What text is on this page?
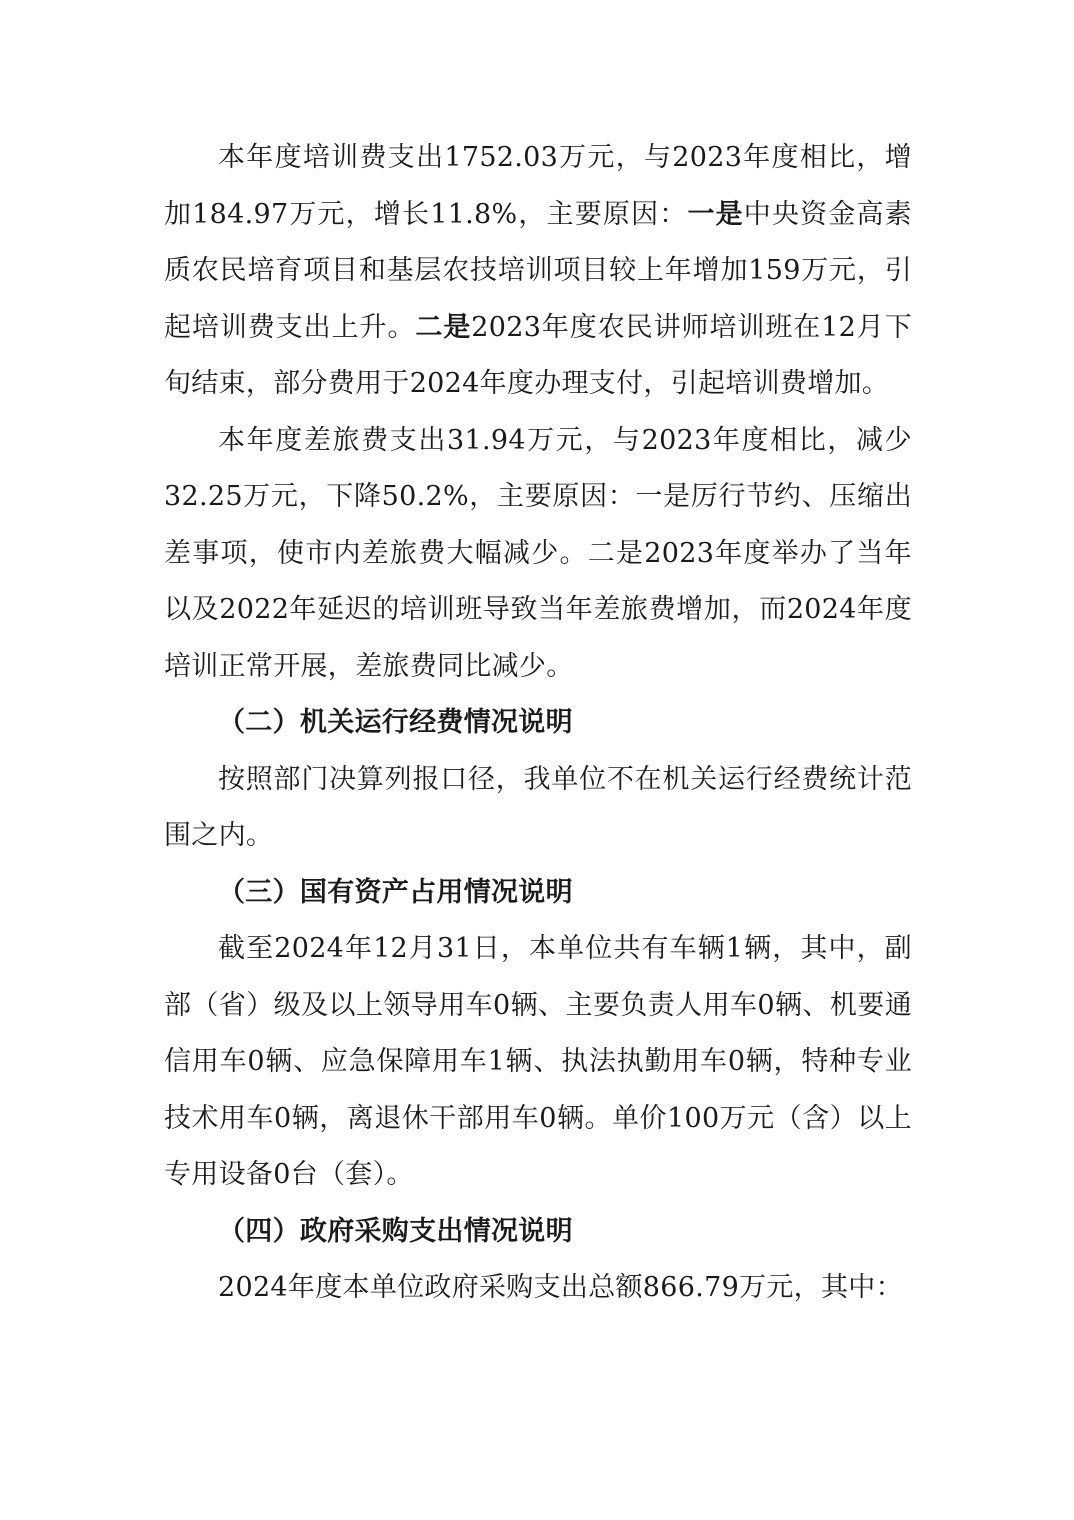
本年度培训费支出1752.03万元，与2023年度相比，增加184.97万元，增长11.8%，主要原因：一是中央资金高素质农民培育项目和基层农技培训项目较上年增加159万元，引起培训费支出上升。二是2023年度农民讲师培训班在12月下旬结束，部分费用于2024年度办理支付，引起培训费增加。

本年度差旅费支出31.94万元，与2023年度相比，减少32.25万元，下降50.2%，主要原因：一是厉行节约、压缩出差事项，使市内差旅费大幅减少。二是2023年度举办了当年以及2022年延迟的培训班导致当年差旅费增加，而2024年度培训正常开展，差旅费同比减少。

（二）机关运行经费情况说明

按照部门决算列报口径，我单位不在机关运行经费统计范围之内。

（三）国有资产占用情况说明

截至2024年12月31日，本单位共有车辆1辆，其中，副部（省）级及以上领导用车0辆、主要负责人用车0辆、机要通信用车0辆、应急保障用车1辆、执法执勤用车0辆，特种专业技术用车0辆，离退休干部用车0辆。单价100万元（含）以上专用设备0台（套）。

（四）政府采购支出情况说明

2024年度本单位政府采购支出总额866.79万元，其中：
